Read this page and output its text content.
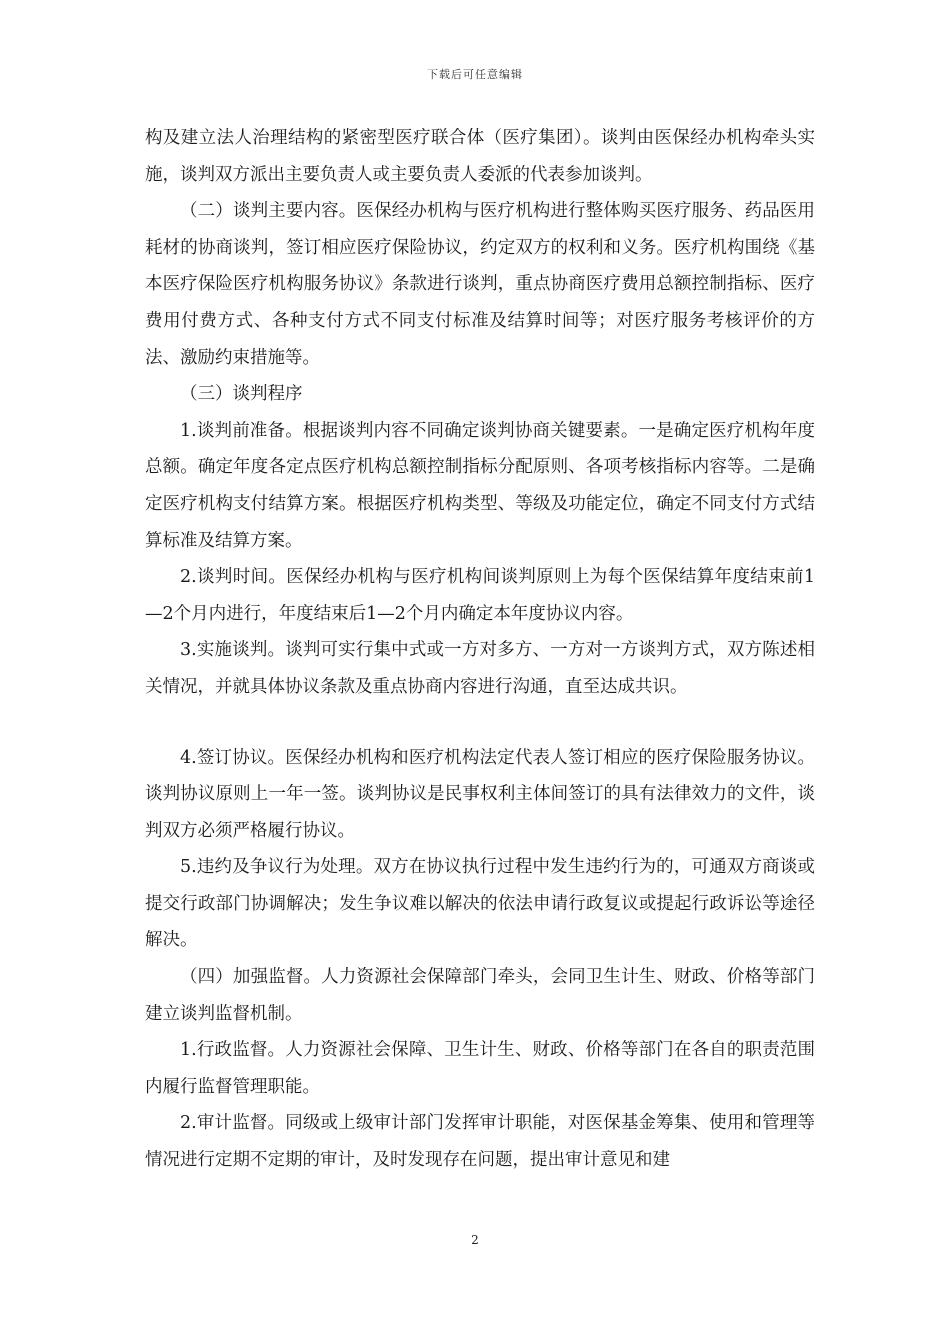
下载后可任意编辑

构及建立法人治理结构的紧密型医疗联合体（医疗集团）。谈判由医保经办机构牵头实施，谈判双方派出主要负责人或主要负责人委派的代表参加谈判。

（二）谈判主要内容。医保经办机构与医疗机构进行整体购买医疗服务、药品医用耗材的协商谈判，签订相应医疗保险协议，约定双方的权利和义务。医疗机构围绕《基本医疗保险医疗机构服务协议》条款进行谈判，重点协商医疗费用总额控制指标、医疗费用付费方式、各种支付方式不同支付标准及结算时间等；对医疗服务考核评价的方法、激励约束措施等。

（三）谈判程序

1.谈判前准备。根据谈判内容不同确定谈判协商关键要素。一是确定医疗机构年度总额。确定年度各定点医疗机构总额控制指标分配原则、各项考核指标内容等。二是确定医疗机构支付结算方案。根据医疗机构类型、等级及功能定位，确定不同支付方式结算标准及结算方案。

2.谈判时间。医保经办机构与医疗机构间谈判原则上为每个医保结算年度结束前1—2个月内进行，年度结束后1—2个月内确定本年度协议内容。

3.实施谈判。谈判可实行集中式或一方对多方、一方对一方谈判方式，双方陈述相关情况，并就具体协议条款及重点协商内容进行沟通，直至达成共识。

4.签订协议。医保经办机构和医疗机构法定代表人签订相应的医疗保险服务协议。谈判协议原则上一年一签。谈判协议是民事权利主体间签订的具有法律效力的文件，谈判双方必须严格履行协议。

5.违约及争议行为处理。双方在协议执行过程中发生违约行为的，可通双方商谈或提交行政部门协调解决；发生争议难以解决的依法申请行政复议或提起行政诉讼等途径解决。

（四）加强监督。人力资源社会保障部门牵头，会同卫生计生、财政、价格等部门建立谈判监督机制。

1.行政监督。人力资源社会保障、卫生计生、财政、价格等部门在各自的职责范围内履行监督管理职能。

2.审计监督。同级或上级审计部门发挥审计职能，对医保基金筹集、使用和管理等情况进行定期不定期的审计，及时发现存在问题，提出审计意见和建

2
